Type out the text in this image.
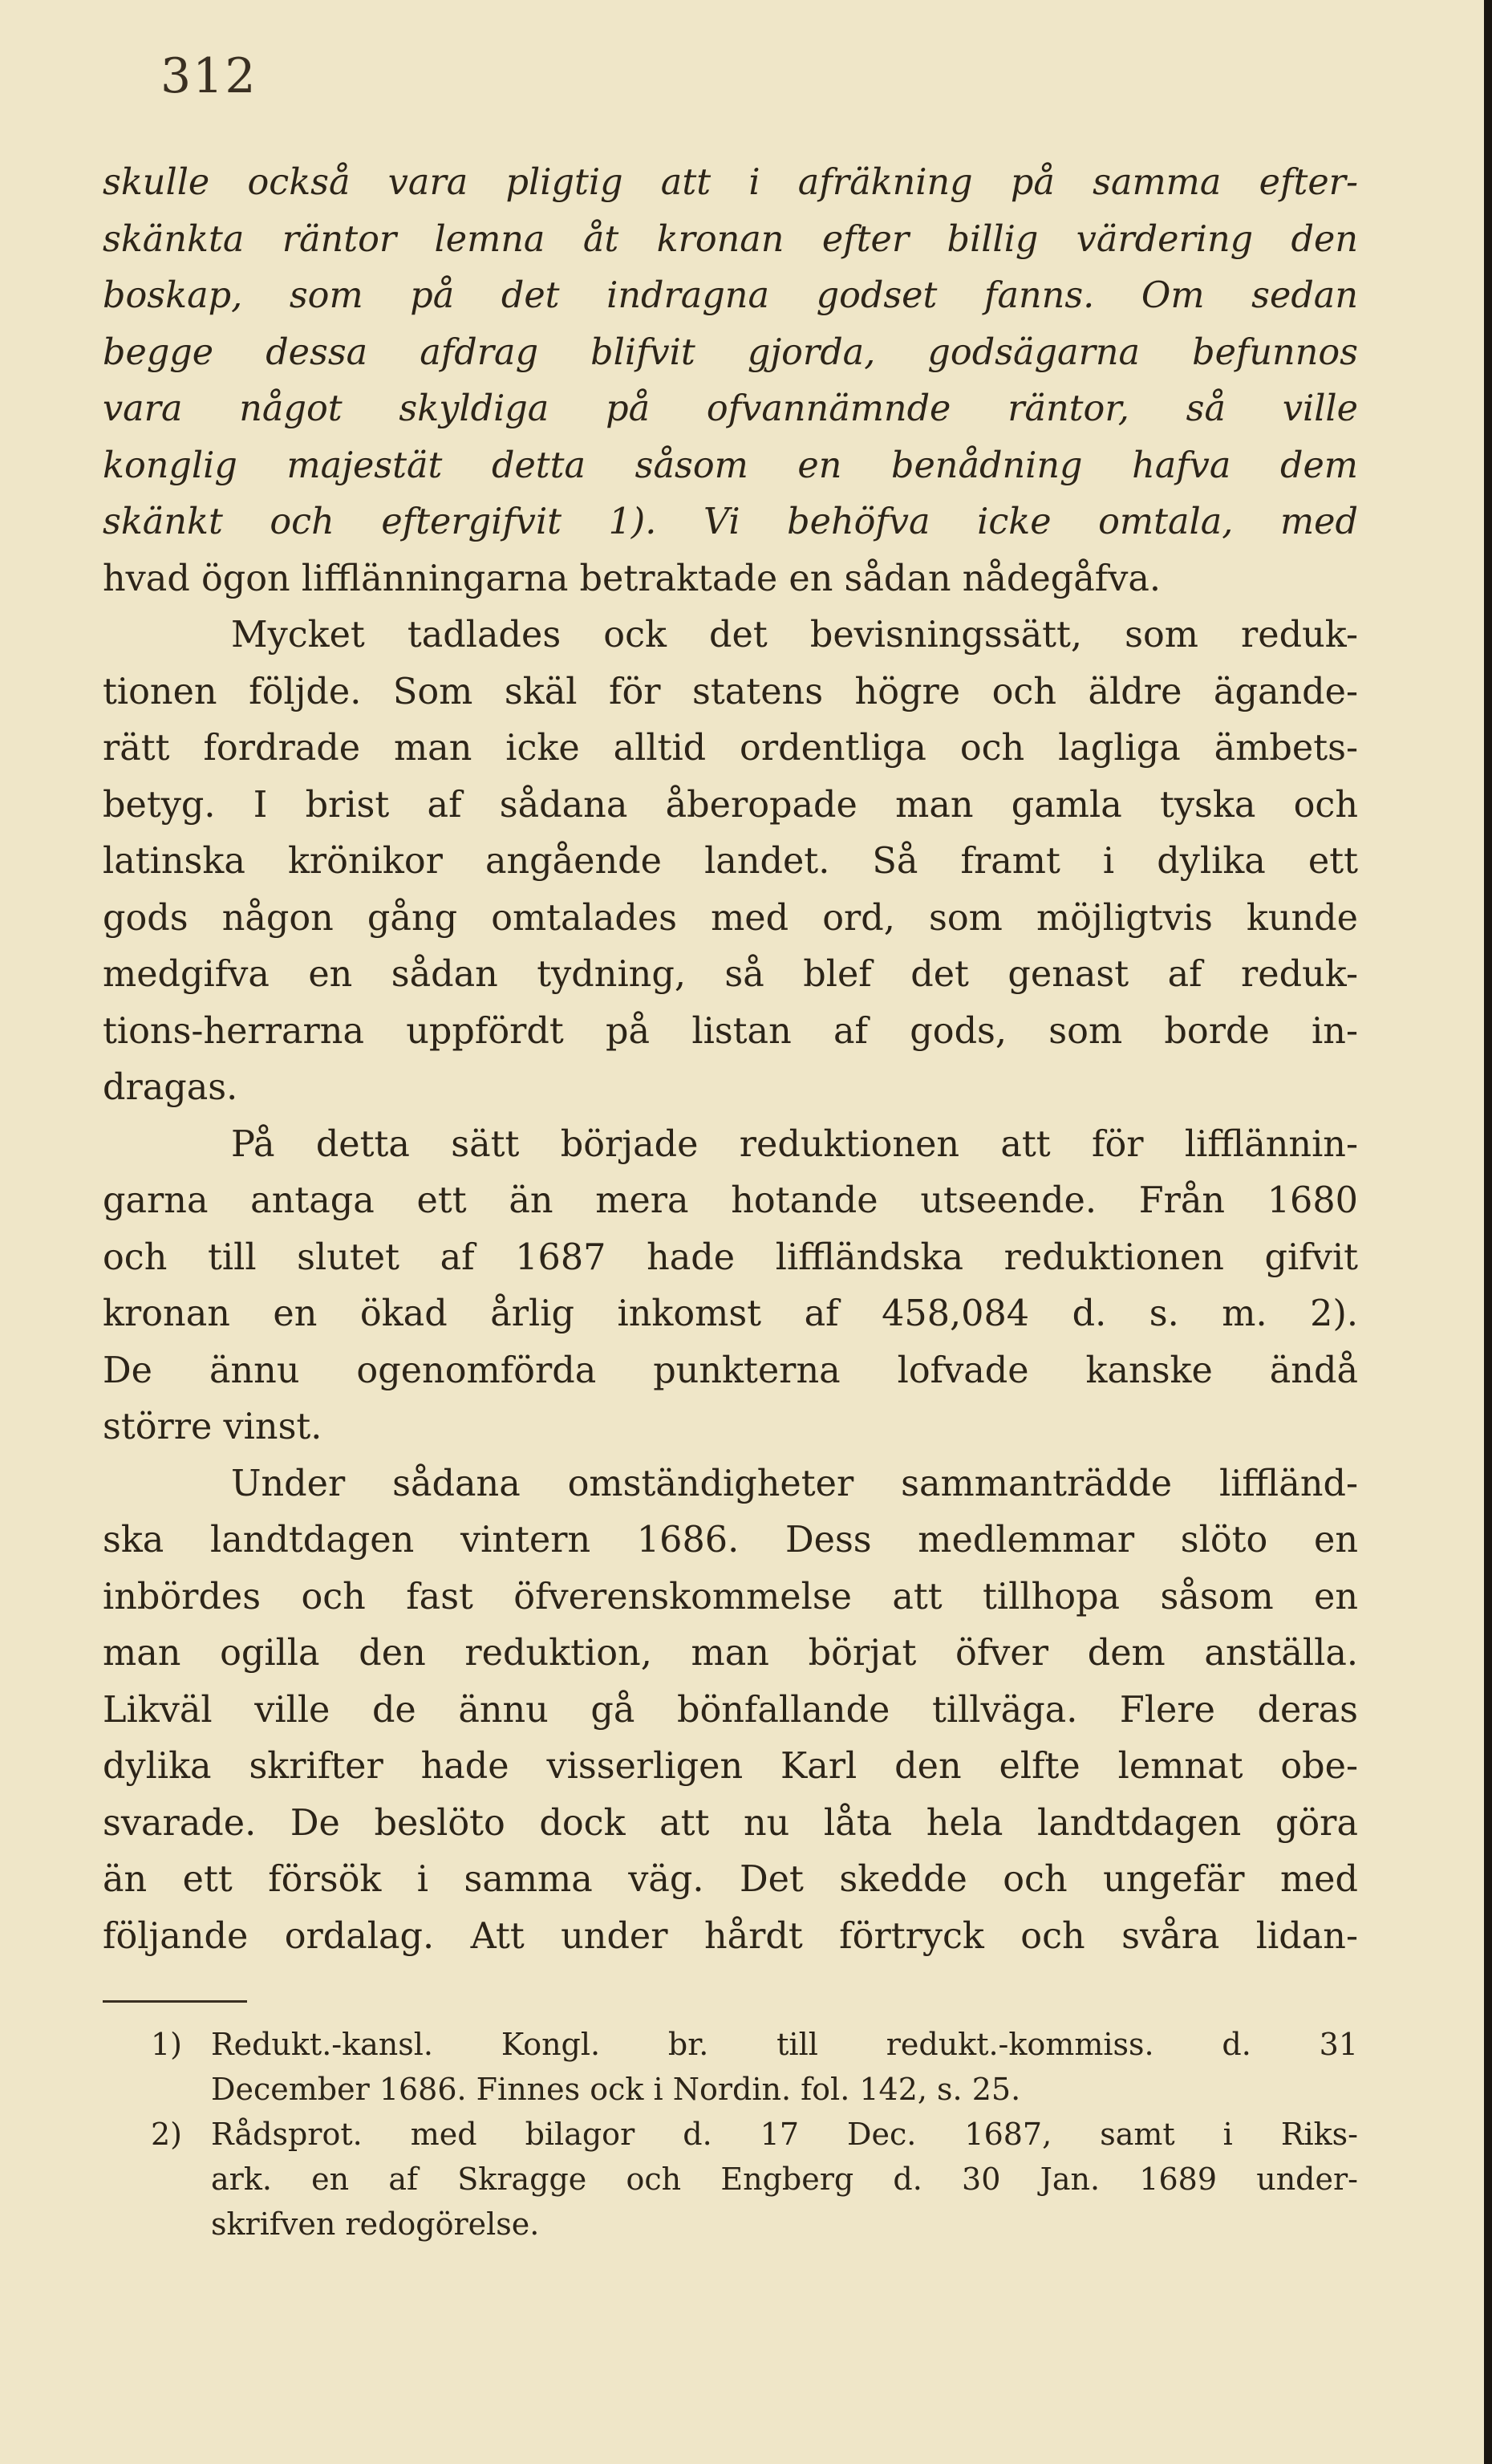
312

skulle också vara pligtig att i afräkning på samma efter-
skänkta räntor lemna åt kronan efter billig värdering den
boskap, som på det indragna godset fanns. Om sedan
begge dessa afdrag blifvit gjorda, godsägarna befunnos
vara något skyldiga på ofvannämnde räntor, så ville
konglig majestät detta såsom en benådning hafva dem
skänkt och eftergifvit 1). Vi behöfva icke omtala, med
hvad ögon lifflänningarna betraktade en sådan nådegåfva.

Mycket tadlades ock det bevisningssätt, som reduk-
tionen följde. Som skäl för statens högre och äldre ägande-
rätt fordrade man icke alltid ordentliga och lagliga ämbets-
betyg. I brist af sådana åberopade man gamla tyska och
latinska krönikor angående landet. Så framt i dylika ett
gods någon gång omtalades med ord, som möjligtvis kunde
medgifva en sådan tydning, så blef det genast af reduk-
tions-herrarna uppfördt på listan af gods, som borde in-
dragas.

På detta sätt började reduktionen att för lifflännin-
garna antaga ett än mera hotande utseende. Från 1680
och till slutet af 1687 hade liffländska reduktionen gifvit
kronan en ökad årlig inkomst af 458,084 d. s. m. 2).
De ännu ogenomförda punkterna lofvade kanske ändå
större vinst.

Under sådana omständigheter sammanträdde liffländ-
ska landtdagen vintern 1686. Dess medlemmar slöto en
inbördes och fast öfverenskommelse att tillhopa såsom en
man ogilla den reduktion, man börjat öfver dem anställa.
Likväl ville de ännu gå bönfallande tillväga. Flere deras
dylika skrifter hade visserligen Karl den elfte lemnat obe-
svarade. De beslöto dock att nu låta hela landtdagen göra
än ett försök i samma väg. Det skedde och ungefär med
följande ordalag. Att under hårdt förtryck och svåra lidan-

1) Redukt.-kansl. Kongl. br. till redukt.-kommiss. d. 31
December 1686. Finnes ock i Nordin. fol. 142, s. 25.

2) Rådsprot. med bilagor d. 17 Dec. 1687, samt i Riks-
ark. en af Skragge och Engberg d. 30 Jan. 1689 under-
skrifven redogörelse.
